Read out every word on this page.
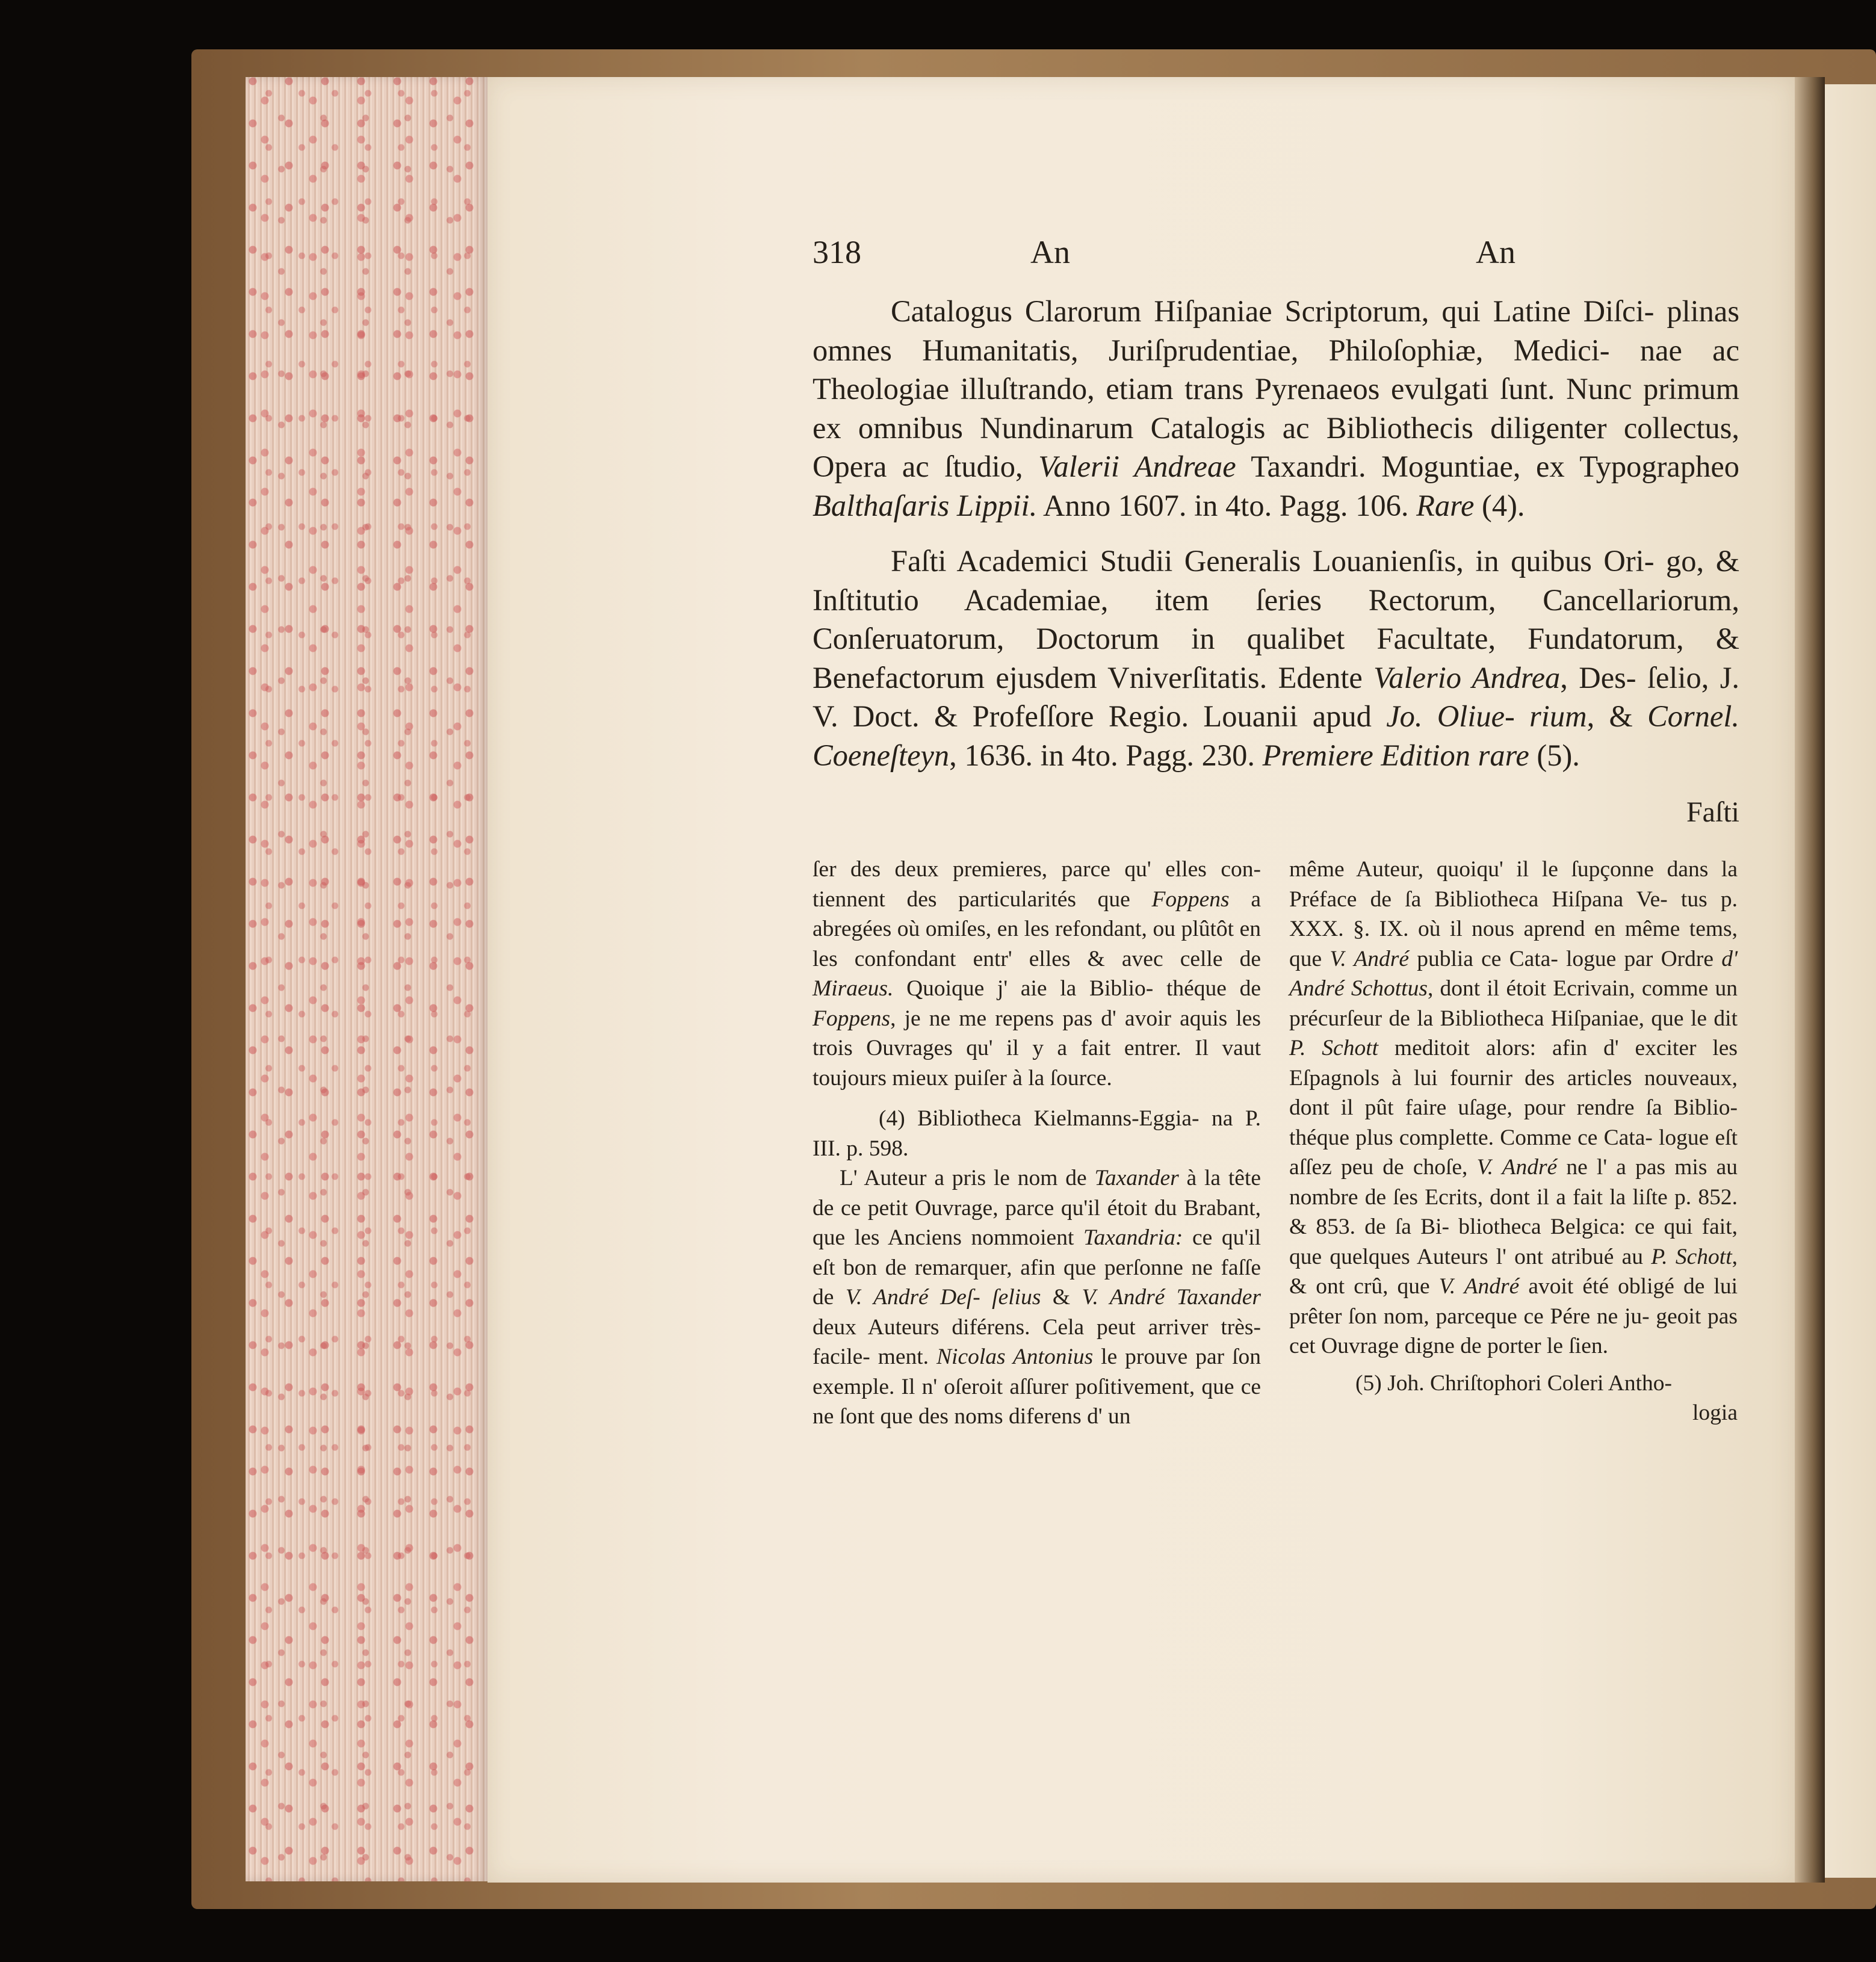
318	An	An

Catalogus Clarorum Hiſpaniae Scriptorum, qui Latine Diſci- plinas omnes Humanitatis, Juriſprudentiae, Philoſophiæ, Medici- nae ac Theologiae illuſtrando, etiam trans Pyrenaeos evulgati ſunt. Nunc primum ex omnibus Nundinarum Catalogis ac Bibliothecis diligenter collectus, Opera ac ſtudio, Valerii Andreae Taxandri. Moguntiae, ex Typographeo Balthaſaris Lippii. Anno 1607. in 4to. Pagg. 106. Rare (4).

Faſti Academici Studii Generalis Louanienſis, in quibus Ori- go, & Inſtitutio Academiae, item ſeries Rectorum, Cancellariorum, Conſeruatorum, Doctorum in qualibet Facultate, Fundatorum, & Benefactorum ejusdem Vniverſitatis. Edente Valerio Andrea, Des- ſelio, J. V. Doct. & Profeſſore Regio. Louanii apud Jo. Oliue- rium, & Cornel. Coeneſteyn, 1636. in 4to. Pagg. 230. Premiere Edition rare (5).

Faſti

ſer des deux premieres, parce qu' elles con- tiennent des particularités que Foppens a abregées où omiſes, en les refondant, ou plûtôt en les confondant entr' elles & avec celle de Miraeus. Quoique j' aie la Biblio- théque de Foppens, je ne me repens pas d' avoir aquis les trois Ouvrages qu' il y a fait entrer. Il vaut toujours mieux puiſer à la ſource.

(4) Bibliotheca Kielmanns-Eggia- na P. III. p. 598.

L' Auteur a pris le nom de Taxander à la tête de ce petit Ouvrage, parce qu'il étoit du Brabant, que les Anciens nommoient Taxandria: ce qu'il eſt bon de remarquer, afin que perſonne ne faſſe de V. André Deſ- ſelius & V. André Taxander deux Auteurs diférens. Cela peut arriver très-facile- ment. Nicolas Antonius le prouve par ſon exemple. Il n' oſeroit aſſurer poſitivement, que ce ne ſont que des noms diferens d' un

même Auteur, quoiqu' il le ſupçonne dans la Préface de ſa Bibliotheca Hiſpana Ve- tus p. XXX. §. IX. où il nous aprend en même tems, que V. André publia ce Cata- logue par Ordre d' André Schottus, dont il étoit Ecrivain, comme un précurſeur de la Bibliotheca Hiſpaniae, que le dit P. Schott meditoit alors: afin d' exciter les Eſpagnols à lui fournir des articles nouveaux, dont il pût faire uſage, pour rendre ſa Biblio- théque plus complette. Comme ce Cata- logue eſt aſſez peu de choſe, V. André ne l' a pas mis au nombre de ſes Ecrits, dont il a fait la liſte p. 852. & 853. de ſa Bi- bliotheca Belgica: ce qui fait, que quelques Auteurs l' ont atribué au P. Schott, & ont crû, que V. André avoit été obligé de lui prêter ſon nom, parceque ce Pére ne ju- geoit pas cet Ouvrage digne de porter le ſien.

(5) Joh. Chriſtophori Coleri Antho-

logia
